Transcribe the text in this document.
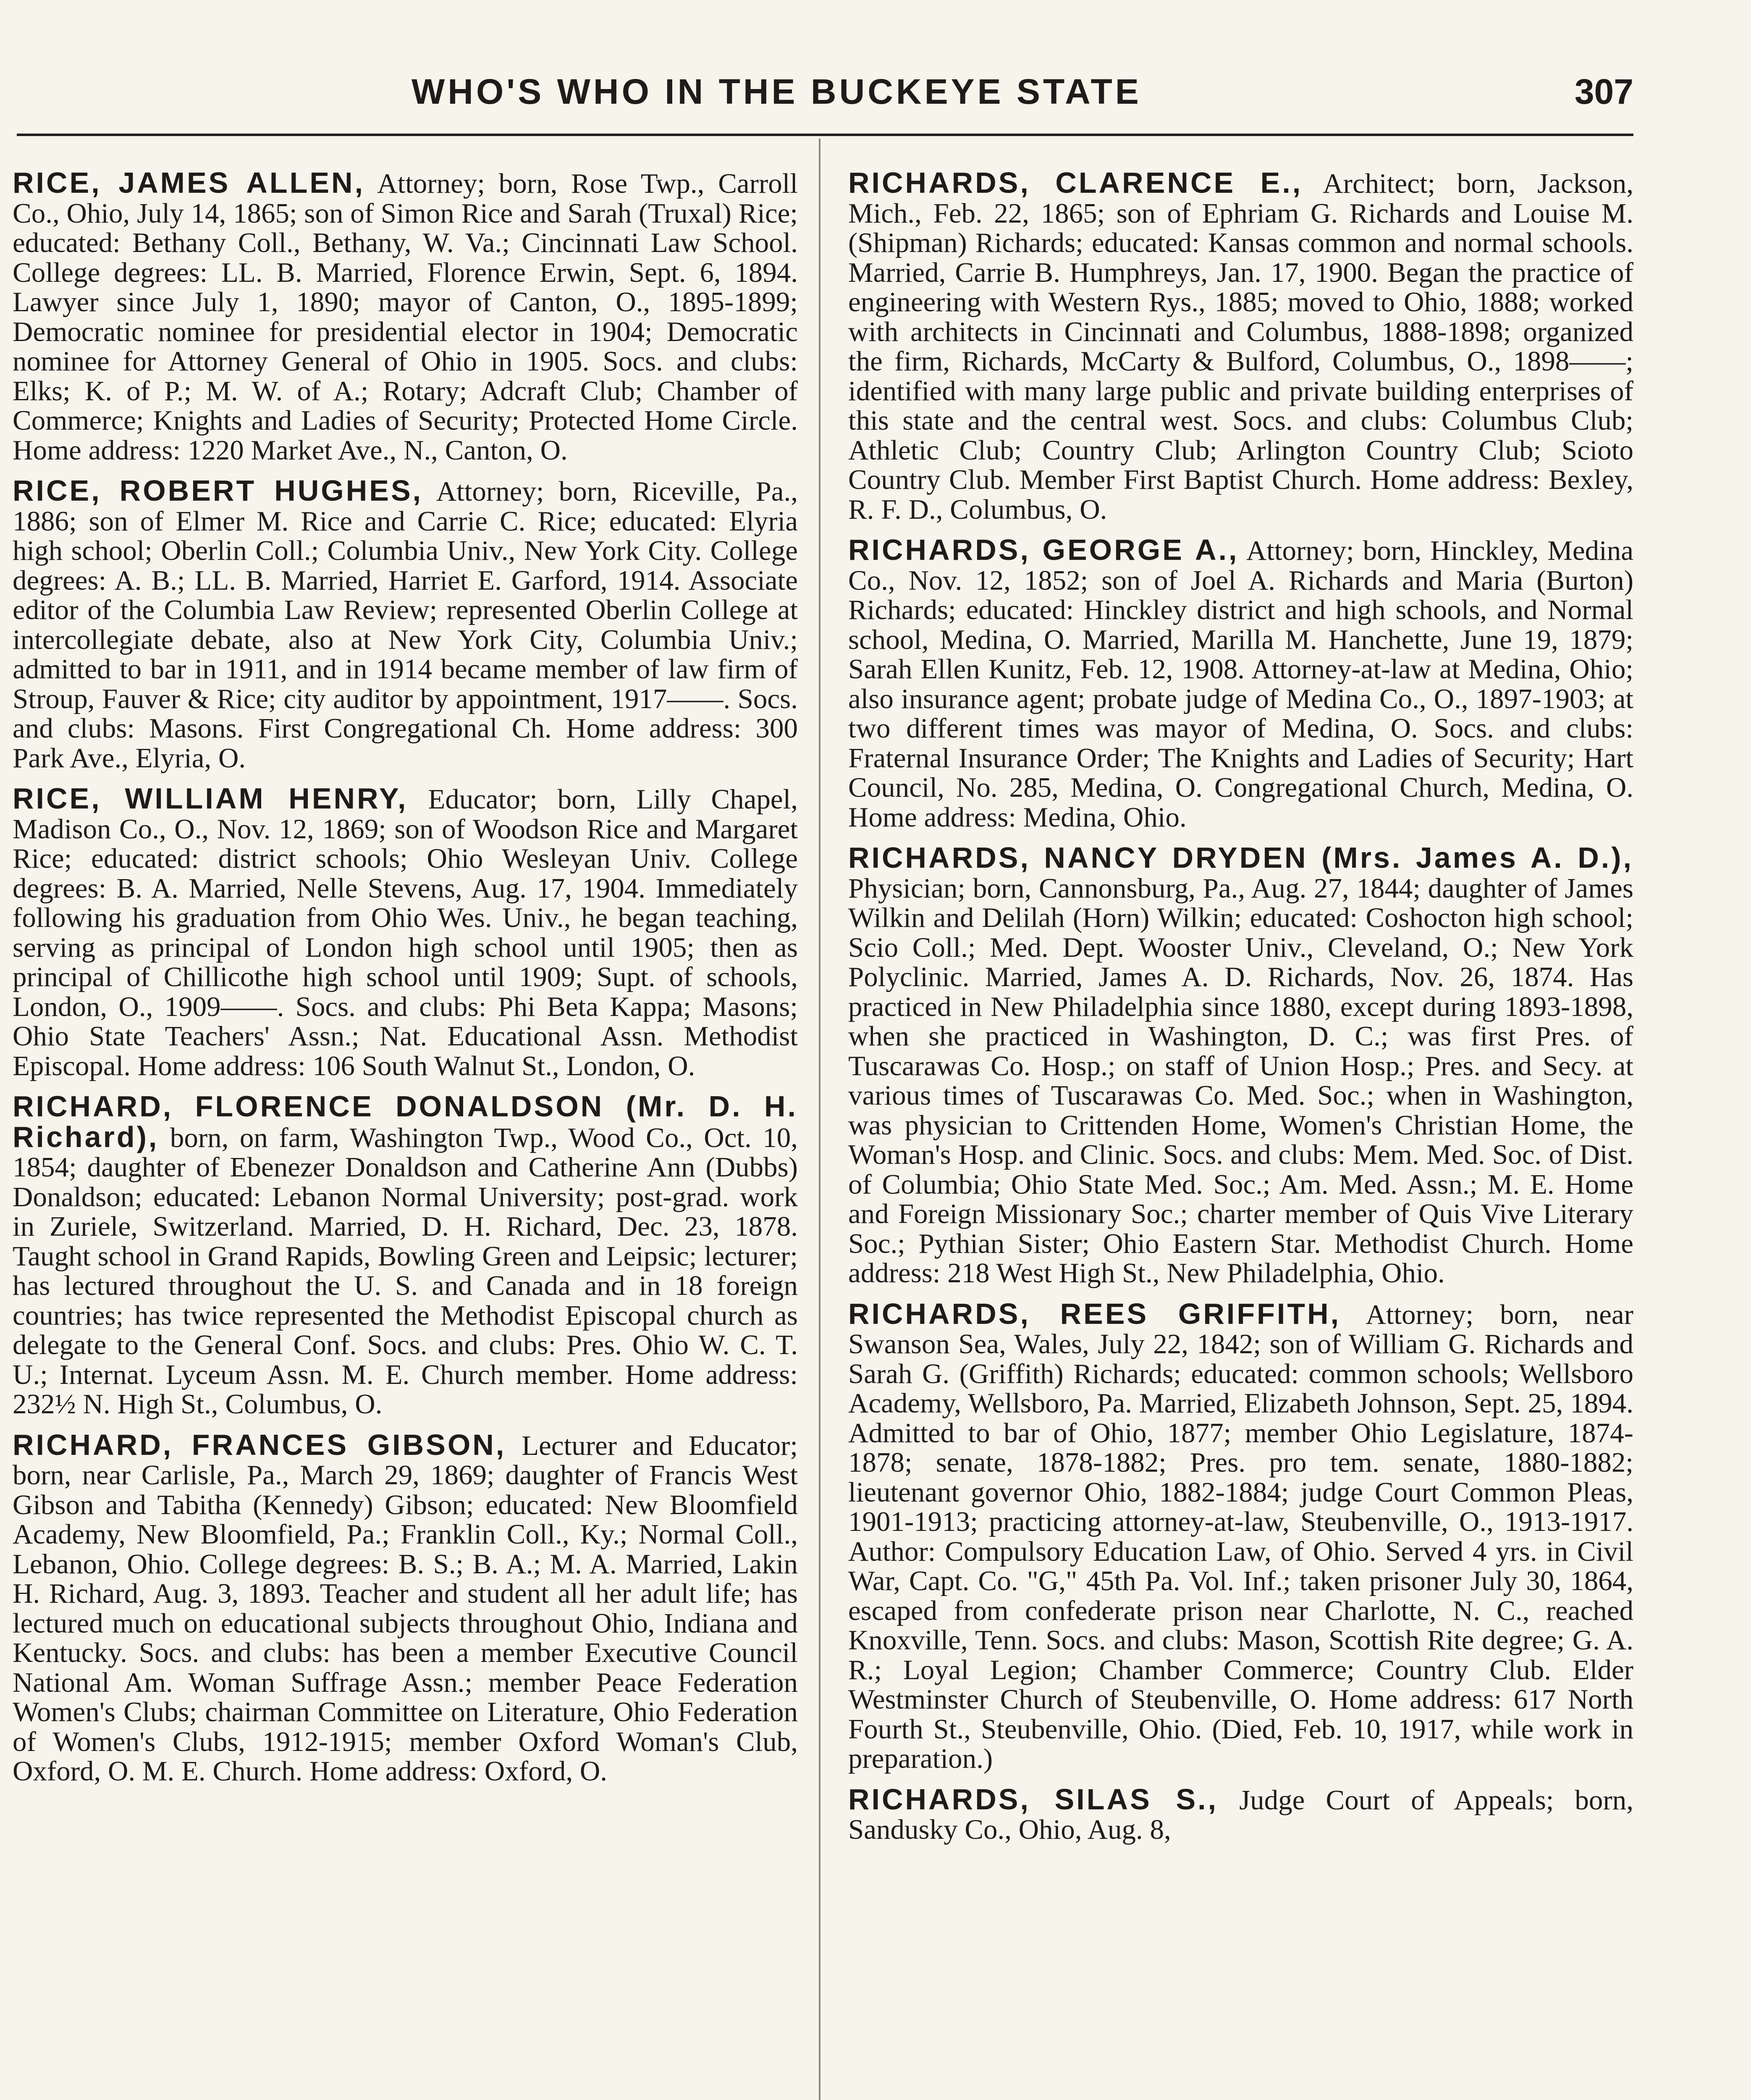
WHO'S WHO IN THE BUCKEYE STATE	307

RICE, JAMES ALLEN, Attorney; born, Rose Twp., Carroll Co., Ohio, July 14, 1865; son of Simon Rice and Sarah (Truxal) Rice; educated: Bethany Coll., Bethany, W. Va.; Cincinnati Law School. College degrees: LL. B. Married, Florence Erwin, Sept. 6, 1894. Lawyer since July 1, 1890; mayor of Canton, O., 1895-1899; Democratic nominee for presidential elector in 1904; Democratic nominee for Attorney General of Ohio in 1905. Socs. and clubs: Elks; K. of P.; M. W. of A.; Rotary; Adcraft Club; Chamber of Commerce; Knights and Ladies of Security; Protected Home Circle. Home address: 1220 Market Ave., N., Canton, O.

RICE, ROBERT HUGHES, Attorney; born, Riceville, Pa., 1886; son of Elmer M. Rice and Carrie C. Rice; educated: Elyria high school; Oberlin Coll.; Columbia Univ., New York City. College degrees: A. B.; LL. B. Married, Harriet E. Garford, 1914. Associate editor of the Columbia Law Review; represented Oberlin College at intercollegiate debate, also at New York City, Columbia Univ.; admitted to bar in 1911, and in 1914 became member of law firm of Stroup, Fauver & Rice; city auditor by appointment, 1917——. Socs. and clubs: Masons. First Congregational Ch. Home address: 300 Park Ave., Elyria, O.

RICE, WILLIAM HENRY, Educator; born, Lilly Chapel, Madison Co., O., Nov. 12, 1869; son of Woodson Rice and Margaret Rice; educated: district schools; Ohio Wesleyan Univ. College degrees: B. A. Married, Nelle Stevens, Aug. 17, 1904. Immediately following his graduation from Ohio Wes. Univ., he began teaching, serving as principal of London high school until 1905; then as principal of Chillicothe high school until 1909; Supt. of schools, London, O., 1909——. Socs. and clubs: Phi Beta Kappa; Masons; Ohio State Teachers' Assn.; Nat. Educational Assn. Methodist Episcopal. Home address: 106 South Walnut St., London, O.

RICHARD, FLORENCE DONALDSON (Mr. D. H. Richard), born, on farm, Washington Twp., Wood Co., Oct. 10, 1854; daughter of Ebenezer Donaldson and Catherine Ann (Dubbs) Donaldson; educated: Lebanon Normal University; post-grad. work in Zuriele, Switzerland. Married, D. H. Richard, Dec. 23, 1878. Taught school in Grand Rapids, Bowling Green and Leipsic; lecturer; has lectured throughout the U. S. and Canada and in 18 foreign countries; has twice represented the Methodist Episcopal church as delegate to the General Conf. Socs. and clubs: Pres. Ohio W. C. T. U.; Internat. Lyceum Assn. M. E. Church member. Home address: 232½ N. High St., Columbus, O.

RICHARD, FRANCES GIBSON, Lecturer and Educator; born, near Carlisle, Pa., March 29, 1869; daughter of Francis West Gibson and Tabitha (Kennedy) Gibson; educated: New Bloomfield Academy, New Bloomfield, Pa.; Franklin Coll., Ky.; Normal Coll., Lebanon, Ohio. College degrees: B. S.; B. A.; M. A. Married, Lakin H. Richard, Aug. 3, 1893. Teacher and student all her adult life; has lectured much on educational subjects throughout Ohio, Indiana and Kentucky. Socs. and clubs: has been a member Executive Council National Am. Woman Suffrage Assn.; member Peace Federation Women's Clubs; chairman Committee on Literature, Ohio Federation of Women's Clubs, 1912-1915; member Oxford Woman's Club, Oxford, O. M. E. Church. Home address: Oxford, O.

RICHARDS, CLARENCE E., Architect; born, Jackson, Mich., Feb. 22, 1865; son of Ephriam G. Richards and Louise M. (Shipman) Richards; educated: Kansas common and normal schools. Married, Carrie B. Humphreys, Jan. 17, 1900. Began the practice of engineering with Western Rys., 1885; moved to Ohio, 1888; worked with architects in Cincinnati and Columbus, 1888-1898; organized the firm, Richards, McCarty & Bulford, Columbus, O., 1898——; identified with many large public and private building enterprises of this state and the central west. Socs. and clubs: Columbus Club; Athletic Club; Country Club; Arlington Country Club; Scioto Country Club. Member First Baptist Church. Home address: Bexley, R. F. D., Columbus, O.

RICHARDS, GEORGE A., Attorney; born, Hinckley, Medina Co., Nov. 12, 1852; son of Joel A. Richards and Maria (Burton) Richards; educated: Hinckley district and high schools, and Normal school, Medina, O. Married, Marilla M. Hanchette, June 19, 1879; Sarah Ellen Kunitz, Feb. 12, 1908. Attorney-at-law at Medina, Ohio; also insurance agent; probate judge of Medina Co., O., 1897-1903; at two different times was mayor of Medina, O. Socs. and clubs: Fraternal Insurance Order; The Knights and Ladies of Security; Hart Council, No. 285, Medina, O. Congregational Church, Medina, O. Home address: Medina, Ohio.

RICHARDS, NANCY DRYDEN (Mrs. James A. D.), Physician; born, Cannonsburg, Pa., Aug. 27, 1844; daughter of James Wilkin and Delilah (Horn) Wilkin; educated: Coshocton high school; Scio Coll.; Med. Dept. Wooster Univ., Cleveland, O.; New York Polyclinic. Married, James A. D. Richards, Nov. 26, 1874. Has practiced in New Philadelphia since 1880, except during 1893-1898, when she practiced in Washington, D. C.; was first Pres. of Tuscarawas Co. Hosp.; on staff of Union Hosp.; Pres. and Secy. at various times of Tuscarawas Co. Med. Soc.; when in Washington, was physician to Crittenden Home, Women's Christian Home, the Woman's Hosp. and Clinic. Socs. and clubs: Mem. Med. Soc. of Dist. of Columbia; Ohio State Med. Soc.; Am. Med. Assn.; M. E. Home and Foreign Missionary Soc.; charter member of Quis Vive Literary Soc.; Pythian Sister; Ohio Eastern Star. Methodist Church. Home address: 218 West High St., New Philadelphia, Ohio.

RICHARDS, REES GRIFFITH, Attorney; born, near Swanson Sea, Wales, July 22, 1842; son of William G. Richards and Sarah G. (Griffith) Richards; educated: common schools; Wellsboro Academy, Wellsboro, Pa. Married, Elizabeth Johnson, Sept. 25, 1894. Admitted to bar of Ohio, 1877; member Ohio Legislature, 1874-1878; senate, 1878-1882; Pres. pro tem. senate, 1880-1882; lieutenant governor Ohio, 1882-1884; judge Court Common Pleas, 1901-1913; practicing attorney-at-law, Steubenville, O., 1913-1917. Author: Compulsory Education Law, of Ohio. Served 4 yrs. in Civil War, Capt. Co. "G," 45th Pa. Vol. Inf.; taken prisoner July 30, 1864, escaped from confederate prison near Charlotte, N. C., reached Knoxville, Tenn. Socs. and clubs: Mason, Scottish Rite degree; G. A. R.; Loyal Legion; Chamber Commerce; Country Club. Elder Westminster Church of Steubenville, O. Home address: 617 North Fourth St., Steubenville, Ohio. (Died, Feb. 10, 1917, while work in preparation.)

RICHARDS, SILAS S., Judge Court of Appeals; born, Sandusky Co., Ohio, Aug. 8,
